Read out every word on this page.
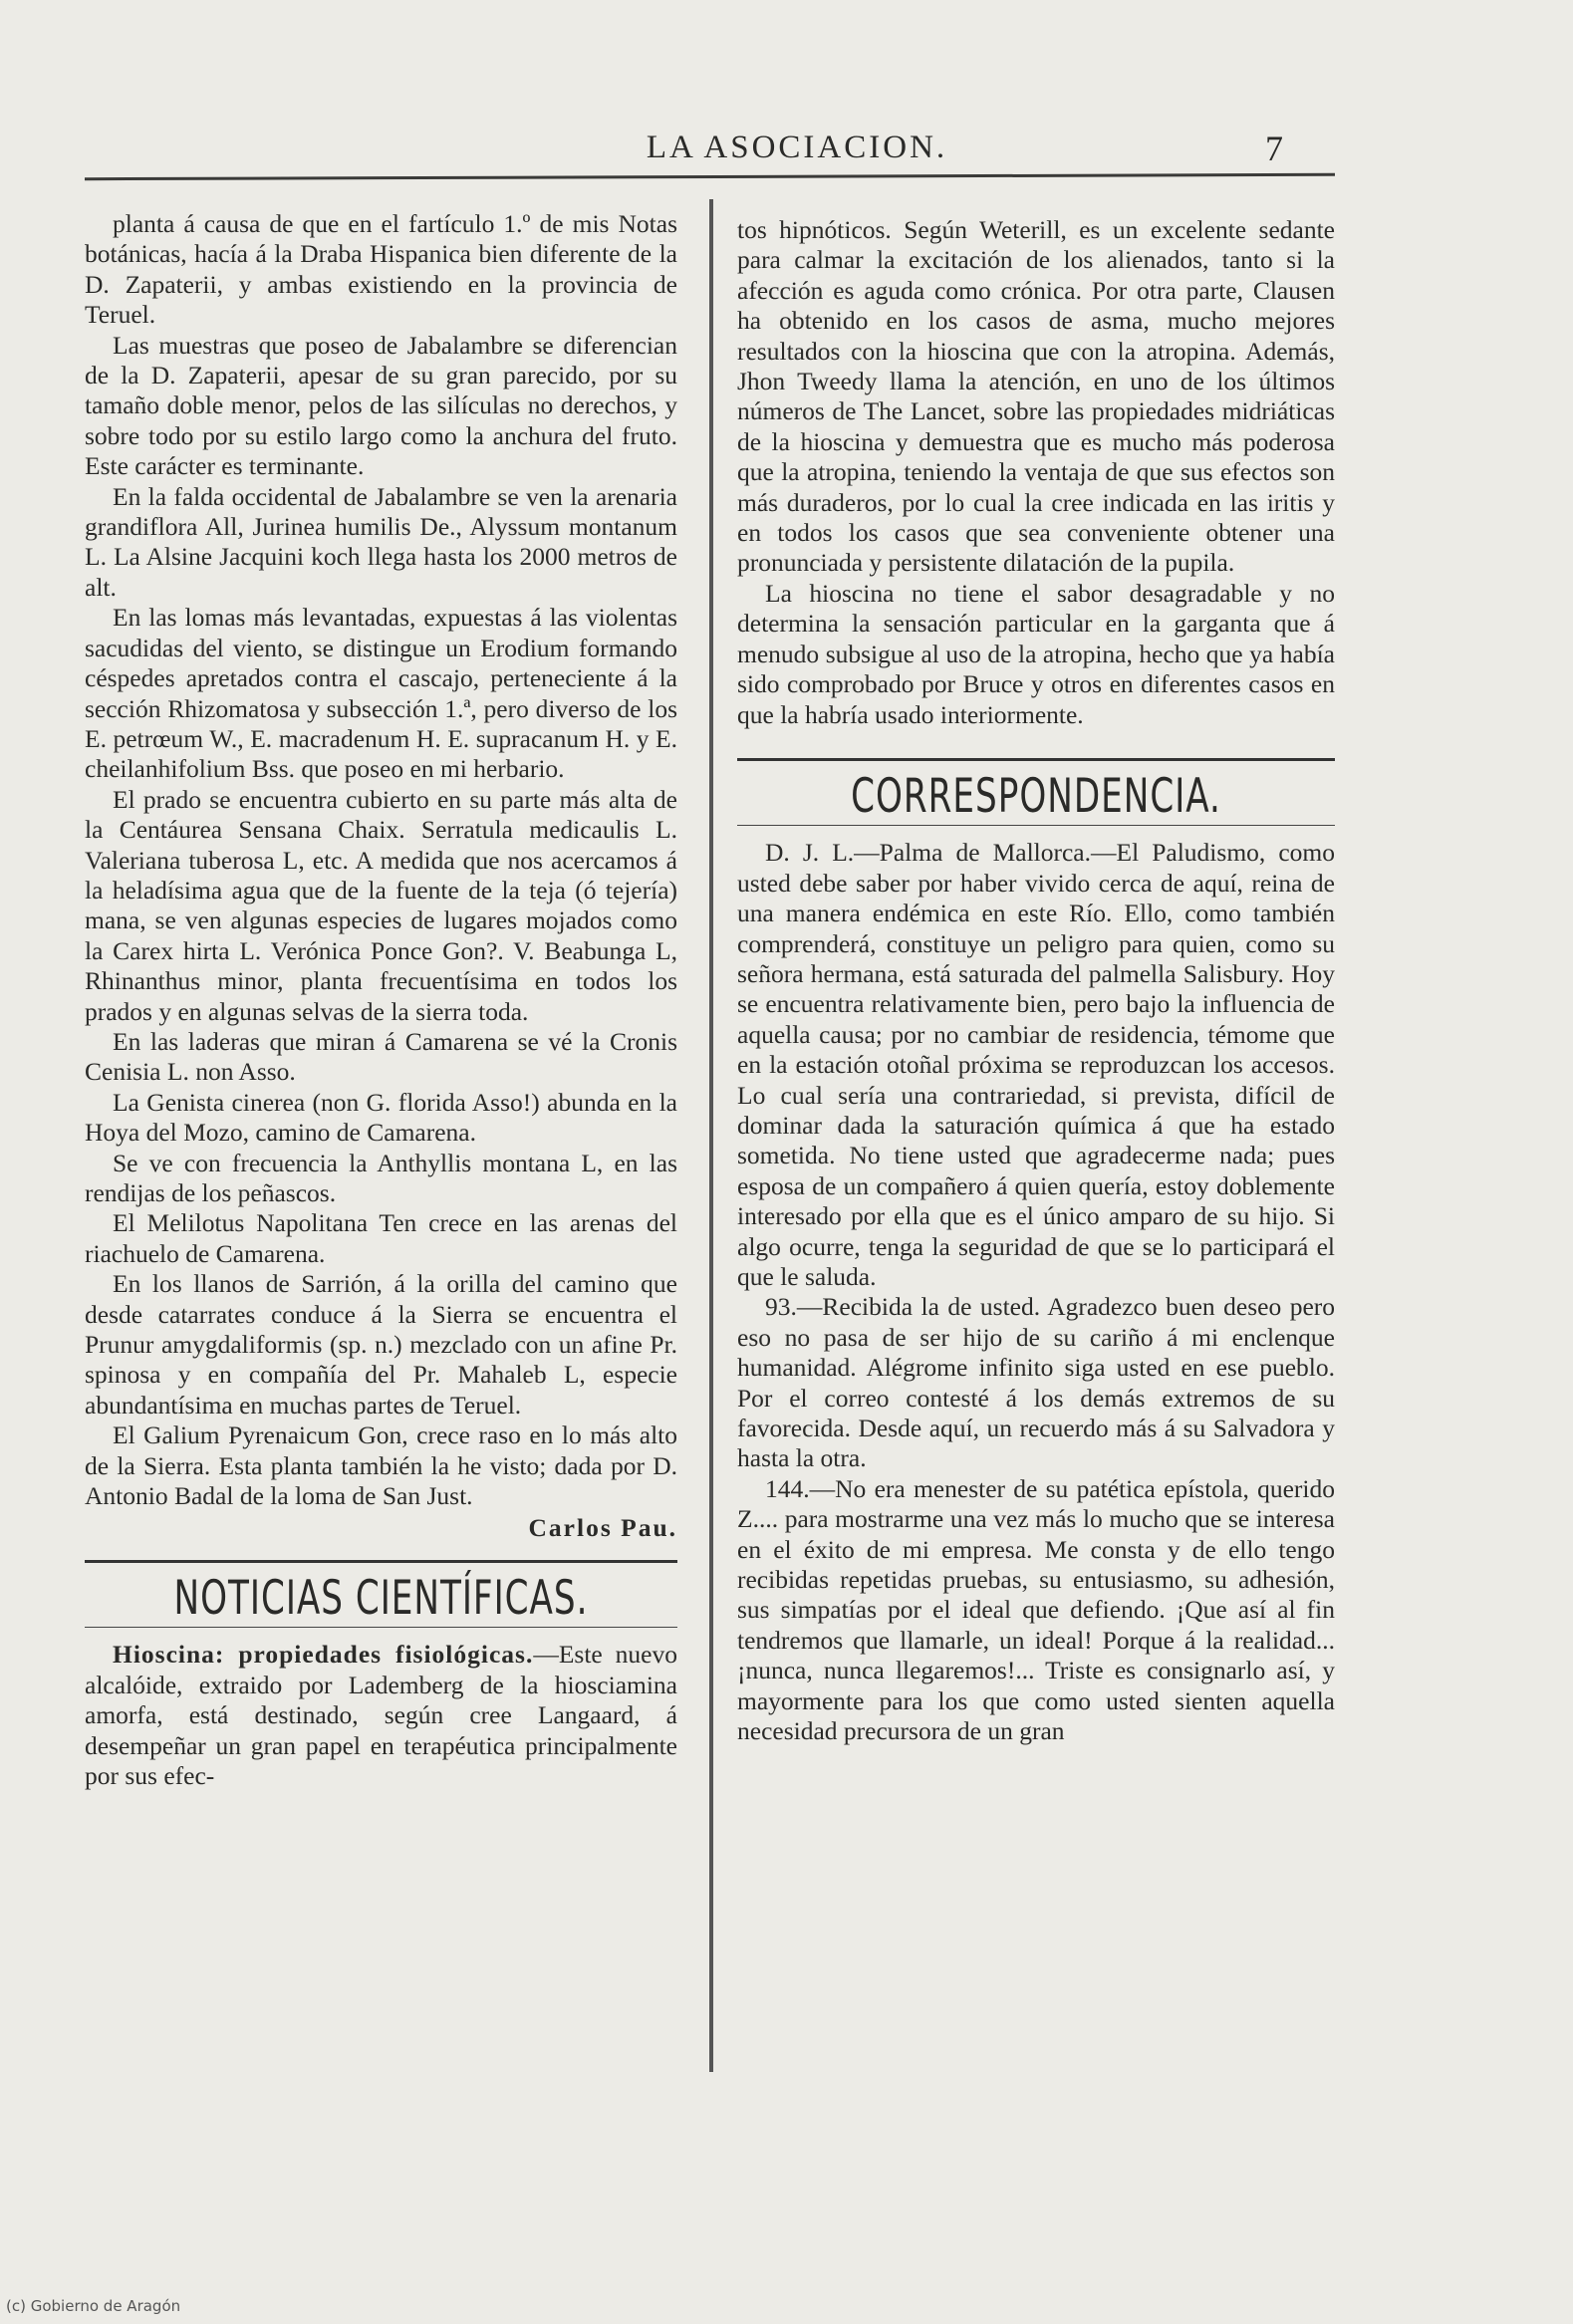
LA ASOCIACION.	7

planta á causa de que en el fartículo 1.º de mis Notas botánicas, hacía á la Draba Hispanica bien diferente de la D. Zapaterii, y ambas existiendo en la provincia de Teruel.

Las muestras que poseo de Jabalambre se diferencian de la D. Zapaterii, apesar de su gran parecido, por su tamaño doble menor, pelos de las silículas no derechos, y sobre todo por su estilo largo como la anchura del fruto. Este carácter es terminante.

En la falda occidental de Jabalambre se ven la arenaria grandiflora All, Jurinea humilis De., Alyssum montanum L. La Alsine Jacquini koch llega hasta los 2000 metros de alt.

En las lomas más levantadas, expuestas á las violentas sacudidas del viento, se distingue un Erodium formando céspedes apretados contra el cascajo, perteneciente á la sección Rhizomatosa y subsección 1.ª, pero diverso de los E. petrœum W., E. macradenum H. E. supracanum H. y E. cheilanhifolium Bss. que poseo en mi herbario.

El prado se encuentra cubierto en su parte más alta de la Centáurea Sensana Chaix. Serratula medicaulis L. Valeriana tuberosa L, etc. A medida que nos acercamos á la heladísima agua que de la fuente de la teja (ó tejería) mana, se ven algunas especies de lugares mojados como la Carex hirta L. Verónica Ponce Gon?. V. Beabunga L, Rhinanthus minor, planta frecuentísima en todos los prados y en algunas selvas de la sierra toda.

En las laderas que miran á Camarena se vé la Cronis Cenisia L. non Asso.

La Genista cinerea (non G. florida Asso!) abunda en la Hoya del Mozo, camino de Camarena.

Se ve con frecuencia la Anthyllis montana L, en las rendijas de los peñascos.

El Melilotus Napolitana Ten crece en las arenas del riachuelo de Camarena.

En los llanos de Sarrión, á la orilla del camino que desde catarrates conduce á la Sierra se encuentra el Prunur amygdaliformis (sp. n.) mezclado con un afine Pr. spinosa y en compañía del Pr. Mahaleb L, especie abundantísima en muchas partes de Teruel.

El Galium Pyrenaicum Gon, crece raso en lo más alto de la Sierra. Esta planta también la he visto; dada por D. Antonio Badal de la loma de San Just.

Carlos Pau.

NOTICIAS CIENTÍFICAS.

Hioscina: propiedades fisiológicas.—Este nuevo alcalóide, extraido por Lademberg de la hiosciamina amorfa, está destinado, según cree Langaard, á desempeñar un gran papel en terapéutica principalmente por sus efec-

tos hipnóticos. Según Weterill, es un excelente sedante para calmar la excitación de los alienados, tanto si la afección es aguda como crónica. Por otra parte, Clausen ha obtenido en los casos de asma, mucho mejores resultados con la hioscina que con la atropina. Además, Jhon Tweedy llama la atención, en uno de los últimos números de The Lancet, sobre las propiedades midriáticas de la hioscina y demuestra que es mucho más poderosa que la atropina, teniendo la ventaja de que sus efectos son más duraderos, por lo cual la cree indicada en las iritis y en todos los casos que sea conveniente obtener una pronunciada y persistente dilatación de la pupila.

La hioscina no tiene el sabor desagradable y no determina la sensación particular en la garganta que á menudo subsigue al uso de la atropina, hecho que ya había sido comprobado por Bruce y otros en diferentes casos en que la habría usado interiormente.

CORRESPONDENCIA.

D. J. L.—Palma de Mallorca.—El Paludismo, como usted debe saber por haber vivido cerca de aquí, reina de una manera endémica en este Río. Ello, como también comprenderá, constituye un peligro para quien, como su señora hermana, está saturada del palmella Salisbury. Hoy se encuentra relativamente bien, pero bajo la influencia de aquella causa; por no cambiar de residencia, témome que en la estación otoñal próxima se reproduzcan los accesos. Lo cual sería una contrariedad, si prevista, difícil de dominar dada la saturación química á que ha estado sometida. No tiene usted que agradecerme nada; pues esposa de un compañero á quien quería, estoy doblemente interesado por ella que es el único amparo de su hijo. Si algo ocurre, tenga la seguridad de que se lo participará el que le saluda.

93.—Recibida la de usted. Agradezco buen deseo pero eso no pasa de ser hijo de su cariño á mi enclenque humanidad. Alégrome infinito siga usted en ese pueblo. Por el correo contesté á los demás extremos de su favorecida. Desde aquí, un recuerdo más á su Salvadora y hasta la otra.

144.—No era menester de su patética epístola, querido Z.... para mostrarme una vez más lo mucho que se interesa en el éxito de mi empresa. Me consta y de ello tengo recibidas repetidas pruebas, su entusiasmo, su adhesión, sus simpatías por el ideal que defiendo. ¡Que así al fin tendremos que llamarle, un ideal! Porque á la realidad... ¡nunca, nunca llegaremos!... Triste es consignarlo así, y mayormente para los que como usted sienten aquella necesidad precursora de un gran

(c) Gobierno de Aragón
